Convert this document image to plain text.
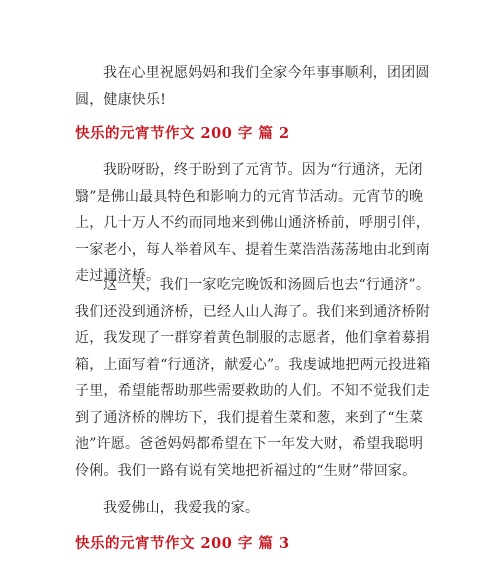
我在心里祝愿妈妈和我们全家今年事事顺利，团团圆圆，健康快乐!

快乐的元宵节作文 200 字 篇 2

我盼呀盼，终于盼到了元宵节。因为“行通济，无闭翳”是佛山最具特色和影响力的元宵节活动。元宵节的晚上，几十万人不约而同地来到佛山通济桥前，呼朋引伴，一家老小，每人举着风车、提着生菜浩浩荡荡地由北到南走过通济桥。

这一天，我们一家吃完晚饭和汤圆后也去“行通济”。 我们还没到通济桥，已经人山人海了。我们来到通济桥附近，我发现了一群穿着黄色制服的志愿者，他们拿着募捐箱，上面写着“行通济，献爱心”。我虔诚地把两元投进箱子里，希望能帮助那些需要救助的人们。不知不觉我们走到了通济桥的牌坊下，我们提着生菜和葱，来到了“生菜池”许愿。爸爸妈妈都希望在下一年发大财，希望我聪明伶俐。我们一路有说有笑地把祈福过的“生财”带回家。

我爱佛山，我爱我的家。

快乐的元宵节作文 200 字 篇 3
